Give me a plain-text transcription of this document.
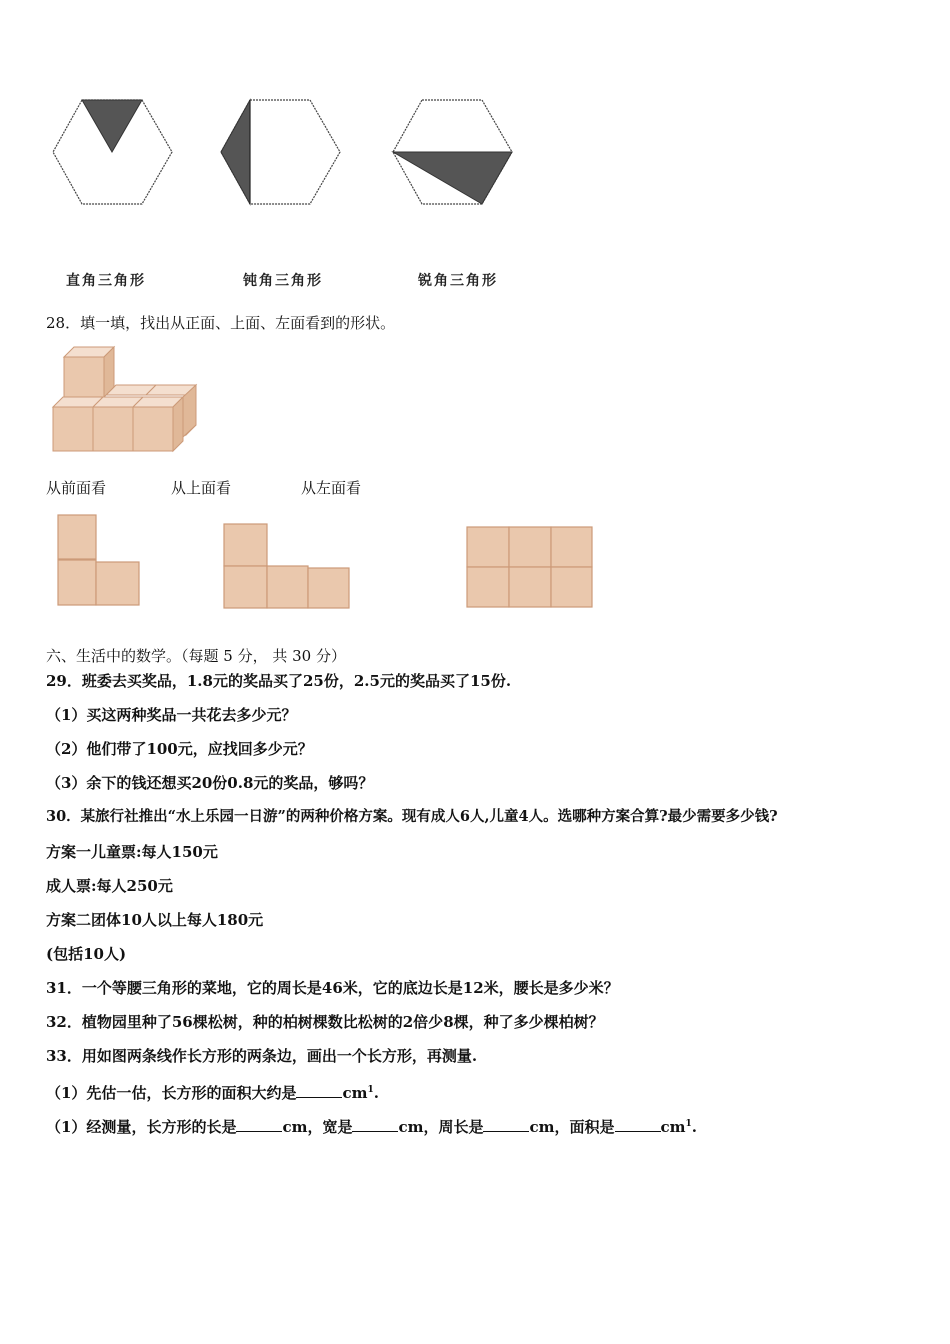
直角三角形	钝角三角形	锐角三角形
28．填一填，找出从正面、上面、左面看到的形状。
从前面看	从上面看	从左面看
六、生活中的数学。（每题 5 分， 共 30 分）
29．班委去买奖品，1.8元的奖品买了25份，2.5元的奖品买了15份.
（1）买这两种奖品一共花去多少元？
（2）他们带了100元，应找回多少元？
（3）余下的钱还想买20份0.8元的奖品，够吗？
30．某旅行社推出“水上乐园一日游”的两种价格方案。现有成人6人,儿童4人。选哪种方案合算?最少需要多少钱?
方案一儿童票:每人150元
成人票:每人250元
方案二团体10人以上每人180元
(包括10人)
31．一个等腰三角形的菜地，它的周长是46米，它的底边长是12米，腰长是多少米？
32．植物园里种了56棵松树，种的柏树棵数比松树的2倍少8棵，种了多少棵柏树？
33．用如图两条线作长方形的两条边，画出一个长方形，再测量.
（1）先估一估，长方形的面积大约是	$cm^1$.
（1）经测量，长方形的长是	cm，宽是	cm，周长是	cm，面积是	$cm^1$.
